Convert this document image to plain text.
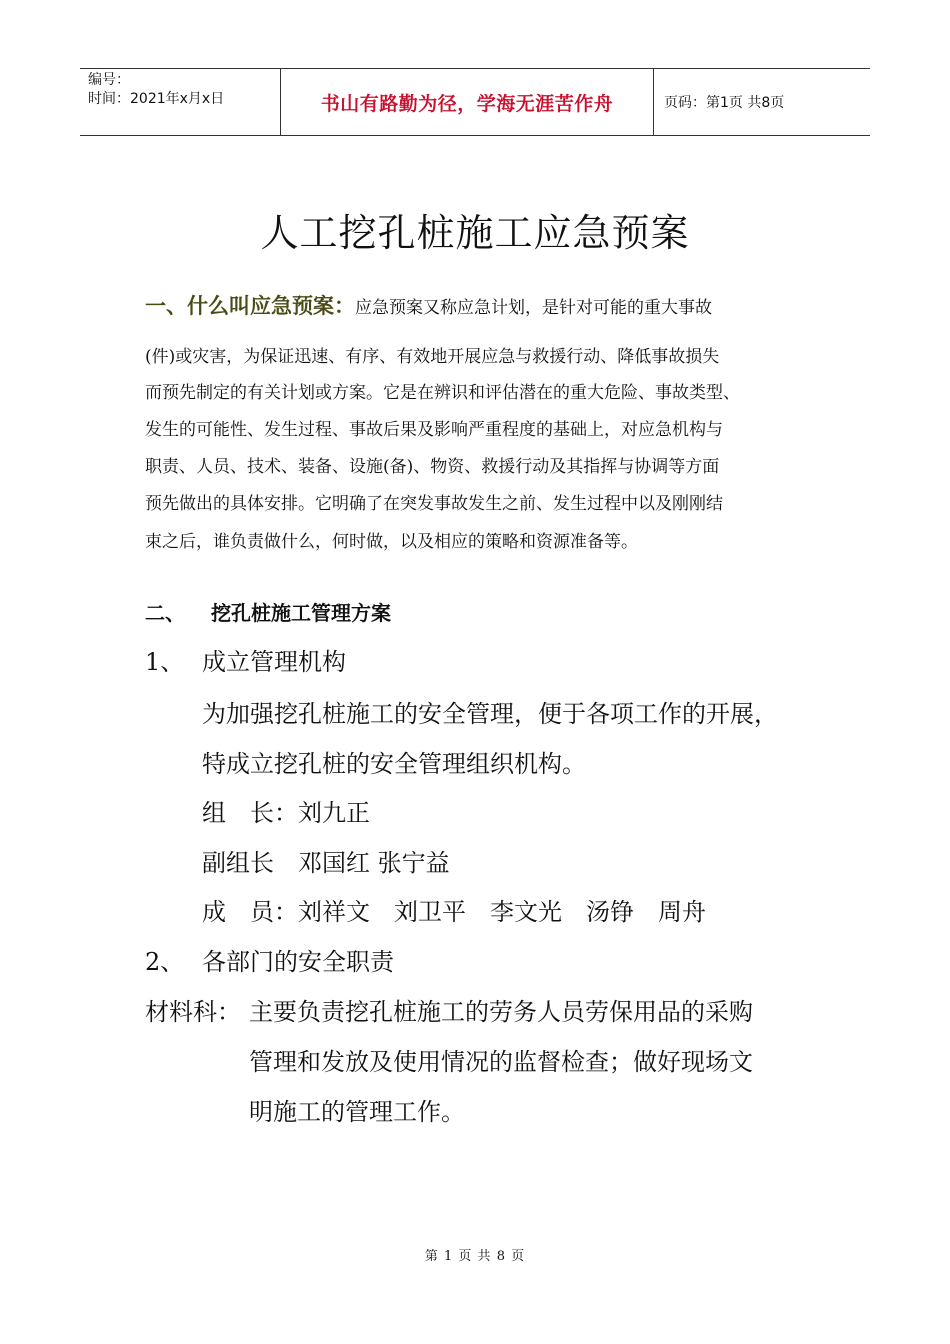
编号：
时间：2021年x月x日	书山有路勤为径，学海无涯苦作舟	页码：第1页 共8页
人工挖孔桩施工应急预案
一、什么叫应急预案：应急预案又称应急计划，是针对可能的重大事故
(件)或灾害，为保证迅速、有序、有效地开展应急与救援行动、降低事故损失
而预先制定的有关计划或方案。它是在辨识和评估潜在的重大危险、事故类型、
发生的可能性、发生过程、事故后果及影响严重程度的基础上，对应急机构与
职责、人员、技术、装备、设施(备)、物资、救援行动及其指挥与协调等方面
预先做出的具体安排。它明确了在突发事故发生之前、发生过程中以及刚刚结
束之后，谁负责做什么，何时做，以及相应的策略和资源准备等。
二、 挖孔桩施工管理方案
1、 成立管理机构
为加强挖孔桩施工的安全管理，便于各项工作的开展，
特成立挖孔桩的安全管理组织机构。
组　长：刘九正
副组长　邓国红 张宁益
成　员：刘祥文　刘卫平　李文光　汤铮　周舟
2、 各部门的安全职责
材料科： 主要负责挖孔桩施工的劳务人员劳保用品的采购
管理和发放及使用情况的监督检查；做好现场文
明施工的管理工作。
第 1 页 共 8 页
